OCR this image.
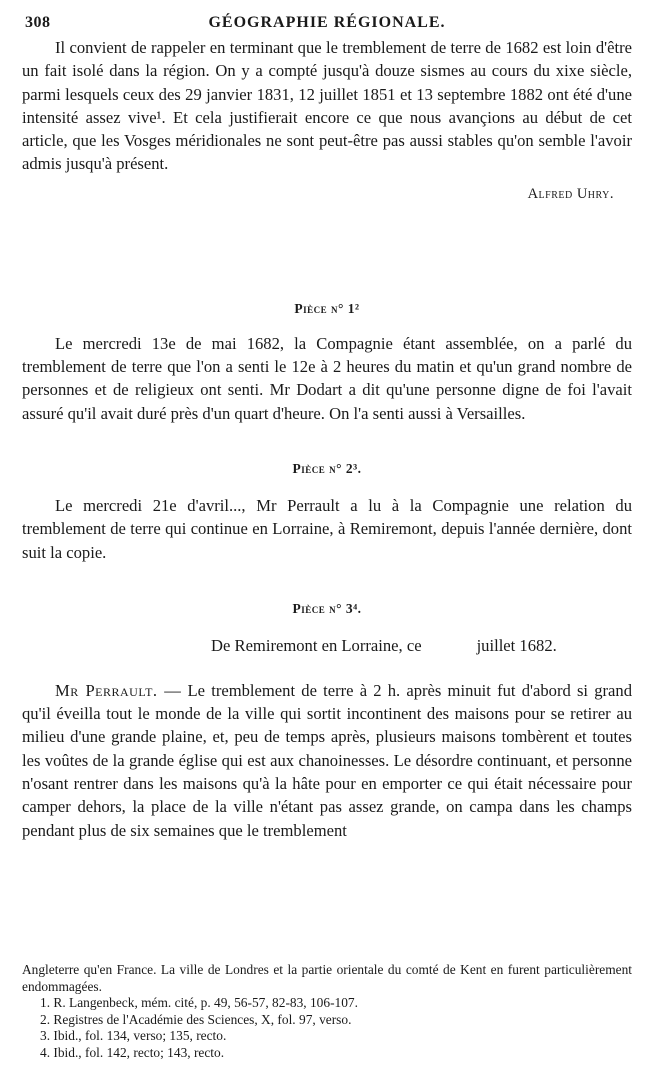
308	GÉOGRAPHIE RÉGIONALE.

Il convient de rappeler en terminant que le tremblement de terre de 1682 est loin d'être un fait isolé dans la région. On y a compté jusqu'à douze sismes au cours du xixe siècle, parmi lesquels ceux des 29 janvier 1831, 12 juillet 1851 et 13 septembre 1882 ont été d'une intensité assez vive¹. Et cela justifierait encore ce que nous avançions au début de cet article, que les Vosges méridionales ne sont peut-être pas aussi stables qu'on semble l'avoir admis jusqu'à présent.

Alfred Uhry.
Pièce n° 1²

Le mercredi 13e de mai 1682, la Compagnie étant assemblée, on a parlé du tremblement de terre que l'on a senti le 12e à 2 heures du matin et qu'un grand nombre de personnes et de religieux ont senti. Mr Dodart a dit qu'une personne digne de foi l'avait assuré qu'il avait duré près d'un quart d'heure. On l'a senti aussi à Versailles.

Pièce n° 2³.

Le mercredi 21e d'avril..., Mr Perrault a lu à la Compagnie une relation du tremblement de terre qui continue en Lorraine, à Remiremont, depuis l'année dernière, dont suit la copie.

Pièce n° 3⁴.
De Remiremont en Lorraine, ce	juillet 1682.

Mr Perrault. — Le tremblement de terre à 2 h. après minuit fut d'abord si grand qu'il éveilla tout le monde de la ville qui sortit incontinent des maisons pour se retirer au milieu d'une grande plaine, et, peu de temps après, plusieurs maisons tombèrent et toutes les voûtes de la grande église qui est aux chanoinesses. Le désordre continuant, et personne n'osant rentrer dans les maisons qu'à la hâte pour en emporter ce qui était nécessaire pour camper dehors, la place de la ville n'étant pas assez grande, on campa dans les champs pendant plus de six semaines que le tremblement

Angleterre qu'en France. La ville de Londres et la partie orientale du comté de Kent en furent particulièrement endommagées.

1. R. Langenbeck, mém. cité, p. 49, 56-57, 82-83, 106-107.

2. Registres de l'Académie des Sciences, X, fol. 97, verso.

3. Ibid., fol. 134, verso; 135, recto.

4. Ibid., fol. 142, recto; 143, recto.
